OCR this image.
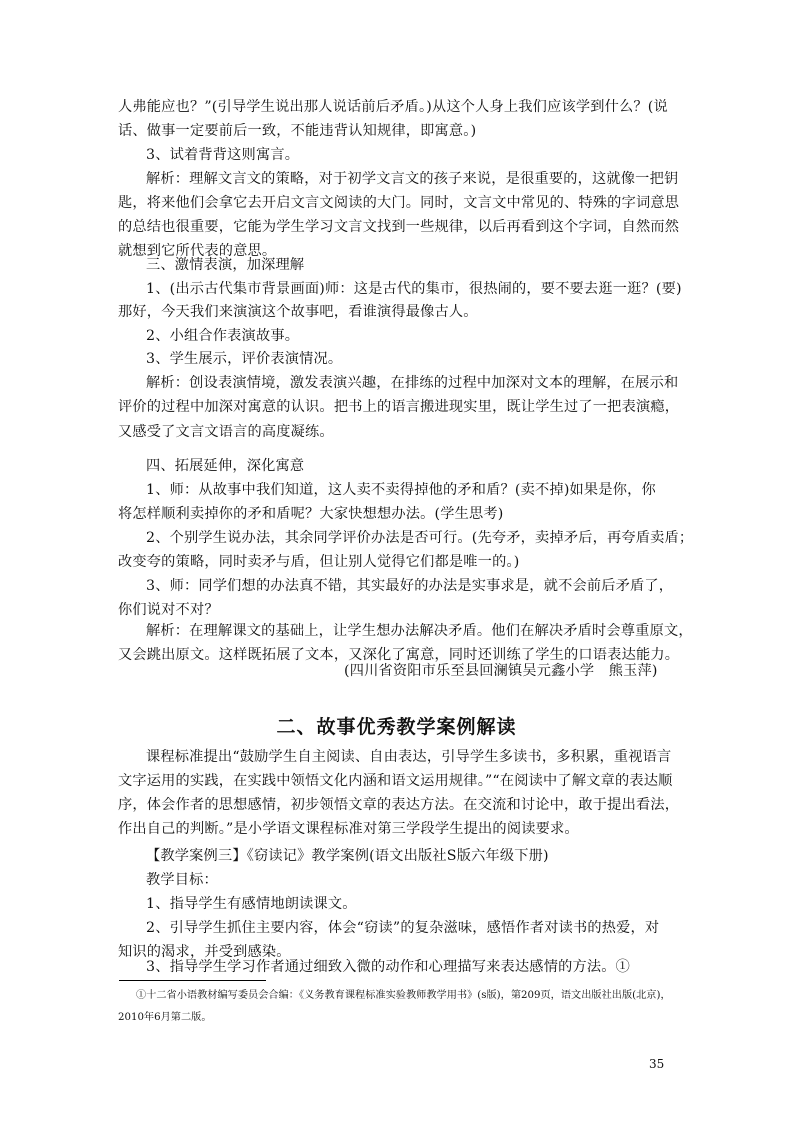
人弗能应也？”(引导学生说出那人说话前后矛盾。)从这个人身上我们应该学到什么？(说
话、做事一定要前后一致，不能违背认知规律，即寓意。)
3、试着背背这则寓言。
解析：理解文言文的策略，对于初学文言文的孩子来说，是很重要的，这就像一把钥
匙，将来他们会拿它去开启文言文阅读的大门。同时，文言文中常见的、特殊的字词意思
的总结也很重要，它能为学生学习文言文找到一些规律，以后再看到这个字词，自然而然
就想到它所代表的意思。
三、激情表演，加深理解
1、(出示古代集市背景画面)师：这是古代的集市，很热闹的，要不要去逛一逛？(要)
那好，今天我们来演演这个故事吧，看谁演得最像古人。
2、小组合作表演故事。
3、学生展示，评价表演情况。
解析：创设表演情境，激发表演兴趣，在排练的过程中加深对文本的理解，在展示和
评价的过程中加深对寓意的认识。把书上的语言搬进现实里，既让学生过了一把表演瘾，
又感受了文言文语言的高度凝练。
四、拓展延伸，深化寓意
1、师：从故事中我们知道，这人卖不卖得掉他的矛和盾？(卖不掉)如果是你，你
将怎样顺利卖掉你的矛和盾呢？大家快想想办法。(学生思考)
2、个别学生说办法，其余同学评价办法是否可行。(先夸矛，卖掉矛后，再夸盾卖盾；
改变夸的策略，同时卖矛与盾，但让别人觉得它们都是唯一的。)
3、师：同学们想的办法真不错，其实最好的办法是实事求是，就不会前后矛盾了，
你们说对不对？
解析：在理解课文的基础上，让学生想办法解决矛盾。他们在解决矛盾时会尊重原文，
又会跳出原文。这样既拓展了文本，又深化了寓意，同时还训练了学生的口语表达能力。
(四川省资阳市乐至县回澜镇吴元鑫小学　熊玉萍)
二、故事优秀教学案例解读
课程标准提出“鼓励学生自主阅读、自由表达，引导学生多读书，多积累，重视语言
文字运用的实践，在实践中领悟文化内涵和语文运用规律。”“在阅读中了解文章的表达顺
序，体会作者的思想感情，初步领悟文章的表达方法。在交流和讨论中，敢于提出看法，
作出自己的判断。”是小学语文课程标准对第三学段学生提出的阅读要求。
【教学案例三】《窃读记》教学案例(语文出版社S版六年级下册)
教学目标：
1、指导学生有感情地朗读课文。
2、引导学生抓住主要内容，体会“窃读”的复杂滋味，感悟作者对读书的热爱，对
知识的渴求，并受到感染。
3、指导学生学习作者通过细致入微的动作和心理描写来表达感情的方法。①
①十二省小语教材编写委员会合编：《义务教育课程标准实验教师教学用书》(s版)，第209页，语文出版社出版(北京)，
2010年6月第二版。
35
